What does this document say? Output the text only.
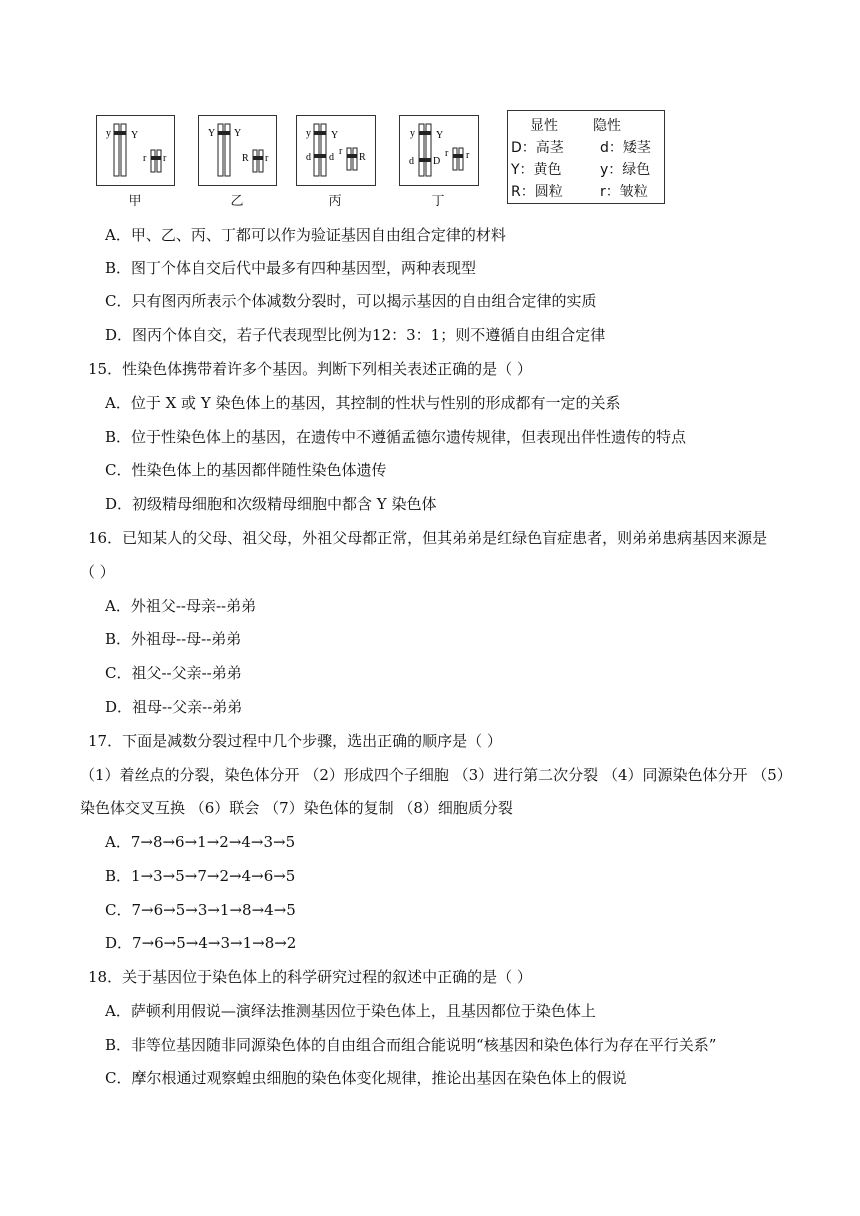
y Y
r r
甲
Y Y
R r
乙
y Y
d d
r
R
丙
y Y
d D
r r
丁
显性	隐性
D：高茎	d：矮茎
Y：黄色	y：绿色
R：圆粒	r：皱粒
A．甲、乙、丙、丁都可以作为验证基因自由组合定律的材料
B．图丁个体自交后代中最多有四种基因型，两种表现型
C．只有图丙所表示个体减数分裂时，可以揭示基因的自由组合定律的实质
D．图丙个体自交，若子代表现型比例为12：3：1；则不遵循自由组合定律
15．性染色体携带着许多个基因。判断下列相关表述正确的是（ ）
A．位于 X 或 Y 染色体上的基因，其控制的性状与性别的形成都有一定的关系
B．位于性染色体上的基因，在遗传中不遵循孟德尔遗传规律，但表现出伴性遗传的特点
C．性染色体上的基因都伴随性染色体遗传
D．初级精母细胞和次级精母细胞中都含 Y 染色体
16．已知某人的父母、祖父母，外祖父母都正常，但其弟弟是红绿色盲症患者，则弟弟患病基因来源是
（ ）
A．外祖父--母亲--弟弟
B．外祖母--母--弟弟
C．祖父--父亲--弟弟
D．祖母--父亲--弟弟
17．下面是减数分裂过程中几个步骤，选出正确的顺序是（ ）
（1）着丝点的分裂，染色体分开 （2）形成四个子细胞 （3）进行第二次分裂 （4）同源染色体分开 （5）
染色体交叉互换 （6）联会 （7）染色体的复制 （8）细胞质分裂
A．7→8→6→1→2→4→3→5
B．1→3→5→7→2→4→6→5
C．7→6→5→3→1→8→4→5
D．7→6→5→4→3→1→8→2
18．关于基因位于染色体上的科学研究过程的叙述中正确的是（ ）
A．萨顿利用假说—演绎法推测基因位于染色体上，且基因都位于染色体上
B．非等位基因随非同源染色体的自由组合而组合能说明“核基因和染色体行为存在平行关系”
C．摩尔根通过观察蝗虫细胞的染色体变化规律，推论出基因在染色体上的假说
